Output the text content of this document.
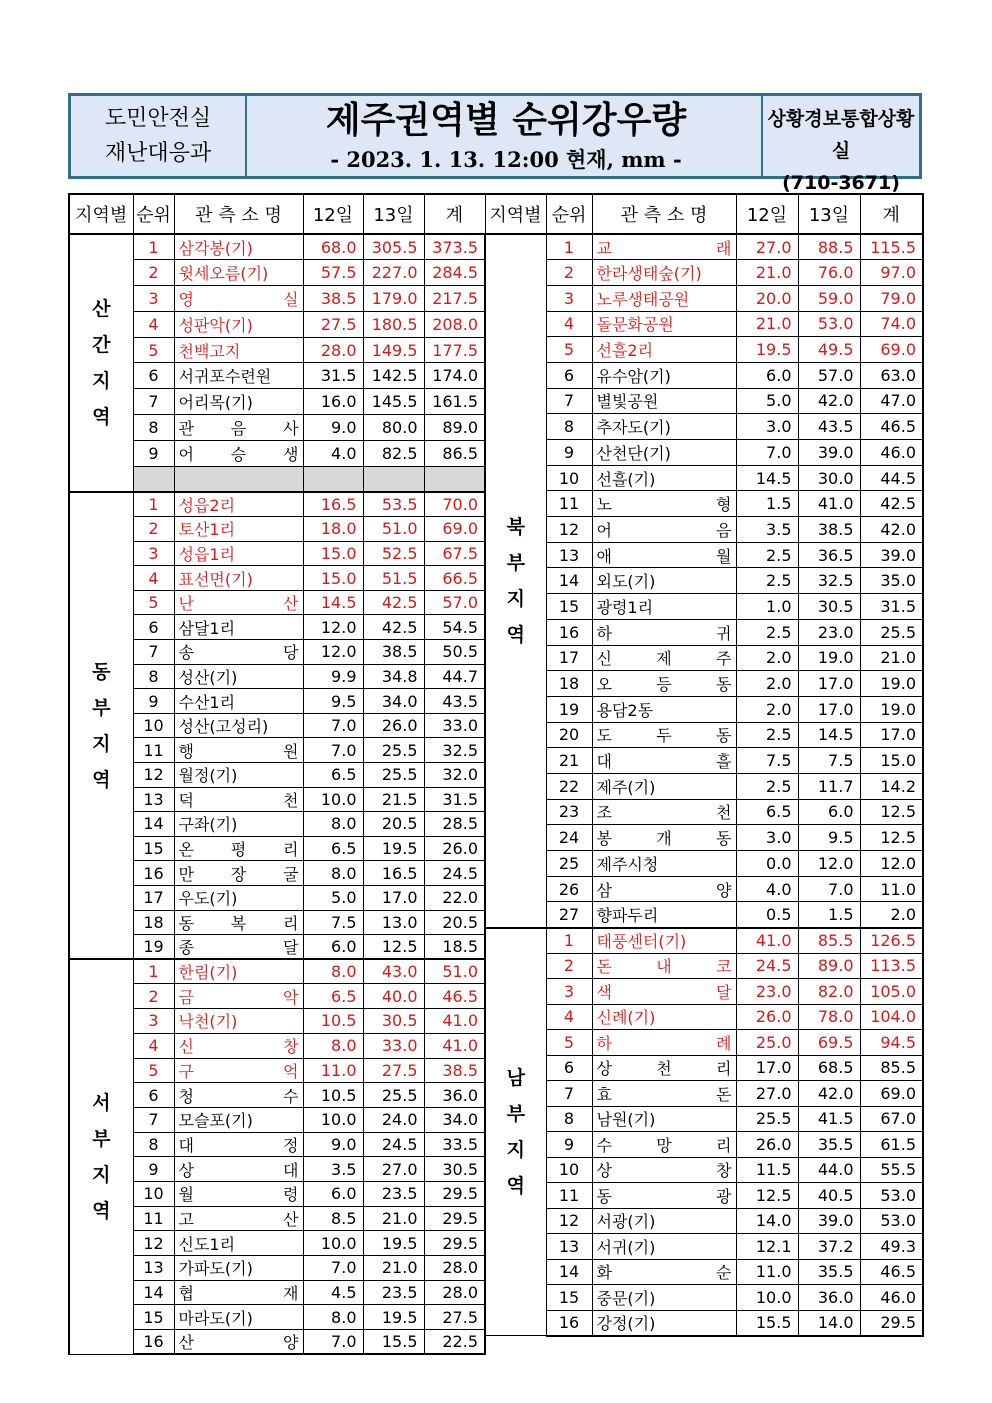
도민안전실
재난대응과
제주권역별 순위강우량
- 2023. 1. 13. 12:00 현재, mm -
상황경보통합상황실
(710-3671)
지역별	순위	관 측 소 명	12일	13일	계

산간지역	1	삼각봉(기)	68.0	305.5	373.5
	2	윗세오름(기)	57.5	227.0	284.5
	3	영 실	38.5	179.0	217.5
	4	성판악(기)	27.5	180.5	208.0
	5	천백고지	28.0	149.5	177.5
	6	서귀포수련원	31.5	142.5	174.0
	7	어리목(기)	16.0	145.5	161.5
	8	관 음 사	9.0	80.0	89.0
	9	어 승 생	4.0	82.5	86.5

동부지역	1	성읍2리	16.5	53.5	70.0
	2	토산1리	18.0	51.0	69.0
	3	성읍1리	15.0	52.5	67.5
	4	표선면(기)	15.0	51.5	66.5
	5	난 산	14.5	42.5	57.0
	6	삼달1리	12.0	42.5	54.5
	7	송 당	12.0	38.5	50.5
	8	성산(기)	9.9	34.8	44.7
	9	수산1리	9.5	34.0	43.5
	10	성산(고성리)	7.0	26.0	33.0
	11	행 원	7.0	25.5	32.5
	12	월정(기)	6.5	25.5	32.0
	13	덕 천	10.0	21.5	31.5
	14	구좌(기)	8.0	20.5	28.5
	15	온 평 리	6.5	19.5	26.0
	16	만 장 굴	8.0	16.5	24.5
	17	우도(기)	5.0	17.0	22.0
	18	동 복 리	7.5	13.0	20.5
	19	종 달	6.0	12.5	18.5

서부지역	1	한림(기)	8.0	43.0	51.0
	2	금 악	6.5	40.0	46.5
	3	낙천(기)	10.5	30.5	41.0
	4	신 창	8.0	33.0	41.0
	5	구 억	11.0	27.5	38.5
	6	청 수	10.5	25.5	36.0
	7	모슬포(기)	10.0	24.0	34.0
	8	대 정	9.0	24.5	33.5
	9	상 대	3.5	27.0	30.5
	10	월 령	6.0	23.5	29.5
	11	고 산	8.5	21.0	29.5
	12	신도1리	10.0	19.5	29.5
	13	가파도(기)	7.0	21.0	28.0
	14	협 재	4.5	23.5	28.0
	15	마라도(기)	8.0	19.5	27.5
	16	산 양	7.0	15.5	22.5
지역별	순위	관 측 소 명	12일	13일	계

북부지역	1	교 래	27.0	88.5	115.5
	2	한라생태숲(기)	21.0	76.0	97.0
	3	노루생태공원	20.0	59.0	79.0
	4	돌문화공원	21.0	53.0	74.0
	5	선흘2리	19.5	49.5	69.0
	6	유수암(기)	6.0	57.0	63.0
	7	별빛공원	5.0	42.0	47.0
	8	추자도(기)	3.0	43.5	46.5
	9	산천단(기)	7.0	39.0	46.0
	10	선흘(기)	14.5	30.0	44.5
	11	노 형	1.5	41.0	42.5
	12	어 음	3.5	38.5	42.0
	13	애 월	2.5	36.5	39.0
	14	외도(기)	2.5	32.5	35.0
	15	광령1리	1.0	30.5	31.5
	16	하 귀	2.5	23.0	25.5
	17	신 제 주	2.0	19.0	21.0
	18	오 등 동	2.0	17.0	19.0
	19	용담2동	2.0	17.0	19.0
	20	도 두 동	2.5	14.5	17.0
	21	대 흘	7.5	7.5	15.0
	22	제주(기)	2.5	11.7	14.2
	23	조 천	6.5	6.0	12.5
	24	봉 개 동	3.0	9.5	12.5
	25	제주시청	0.0	12.0	12.0
	26	삼 양	4.0	7.0	11.0
	27	향파두리	0.5	1.5	2.0

남부지역	1	태풍센터(기)	41.0	85.5	126.5
	2	돈 내 코	24.5	89.0	113.5
	3	색 달	23.0	82.0	105.0
	4	신례(기)	26.0	78.0	104.0
	5	하 례	25.0	69.5	94.5
	6	상 천 리	17.0	68.5	85.5
	7	효 돈	27.0	42.0	69.0
	8	남원(기)	25.5	41.5	67.0
	9	수 망 리	26.0	35.5	61.5
	10	상 창	11.5	44.0	55.5
	11	동 광	12.5	40.5	53.0
	12	서광(기)	14.0	39.0	53.0
	13	서귀(기)	12.1	37.2	49.3
	14	화 순	11.0	35.5	46.5
	15	중문(기)	10.0	36.0	46.0
	16	강정(기)	15.5	14.0	29.5
